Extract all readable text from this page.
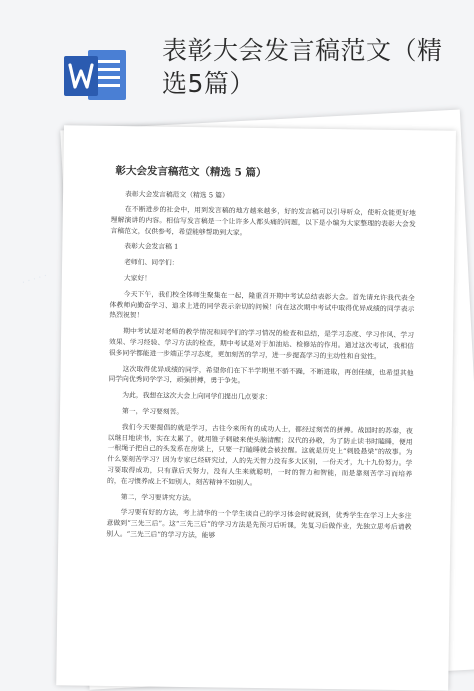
表彰大会发言稿范文（精选5篇）
· · · · ·
彰大会发言稿范文（精选 5 篇）
表彰大会发言稿范文（精选 5 篇）

在不断进步的社会中，用到发言稿的地方越来越多，好的发言稿可以引导听众，使听众能更好地理解演讲的内容。相信写发言稿是一个让许多人都头痛的问题，以下是小编为大家整理的表彰大会发言稿范文，仅供参考，希望能够帮助到大家。

表彰大会发言稿 1
老师们、同学们：
大家好！

今天下午，我们校全体师生聚集在一起，隆重召开期中考试总结表彰大会。首先请允许我代表全体教师向勤奋学习、追求上进的同学表示亲切的问候！向在这次期中考试中取得优异成绩的同学表示热烈祝贺！

期中考试是对老师的教学情况和同学们的学习情况的检查和总结，是学习态度、学习作风、学习效果、学习经验、学习方法的检查，期中考试是对于加油站、检修站的作用。通过这次考试，我相信很多同学都能进一步端正学习态度，更加刻苦的学习，进一步提高学习的主动性和自觉性。

这次取得优异成绩的同学，希望你们在下半学期里不骄不躁，不断进取，再创佳绩，也希望其他同学向优秀同学学习，顽强拼搏，勇于争先。

为此，我想在这次大会上向同学们提出几点要求：

第一，学习要刻苦。

我们今天要提倡的就是学习，古往今来所有的成功人士，都经过刻苦的拼搏。战国时的苏秦，夜以继日地读书，实在太累了，就用锥子刺破来使头脑清醒；汉代的孙敬，为了防止读书时瞌睡，便用一根绳子把自己的头发系在房梁上，只要一打瞌睡就会被拉醒。这就是历史上“刺股悬梁”的故事。为什么要刻苦学习？因为专家已经研究过，人的先天智力没有多大区别，一份天才，九十九份努力。学习要取得成功，只有靠后天努力，没有人生来就聪明，一时的智力和智能，而是靠刻苦学习而培养的，在习惯养成上不如别人，刻苦精神不如别人。

第二，学习要讲究方法。

学习要有好的方法，考上清华的一个学生谈自己的学习体会时就说到，优秀学生在学习上大多注意做到“三先三后”。这“三先三后”的学习方法是先预习后听课，先复习后做作业，先独立思考后请教别人。“三先三后”的学习方法，能够
